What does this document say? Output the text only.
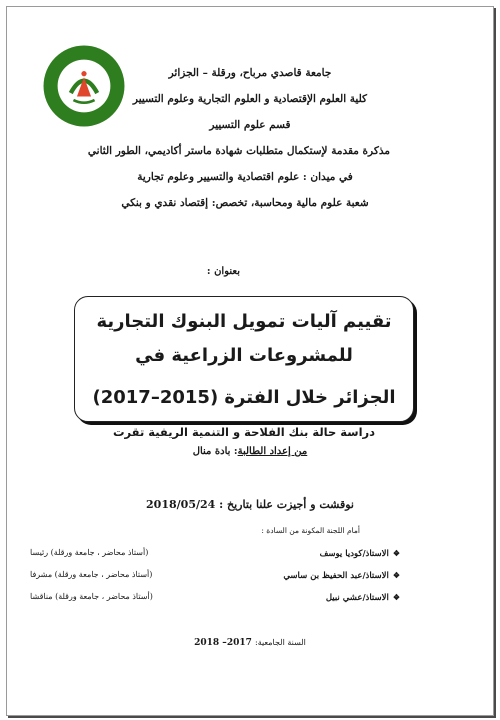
جامعة قاصدي مرباح، ورقلة – الجزائر
كلية العلوم الإقتصادية و العلوم التجارية وعلوم التسيير
قسم علوم التسيير
مذكرة مقدمة لإستكمال متطلبات شهادة ماستر أكاديمي، الطور الثاني
في ميدان : علوم اقتصادية والتسيير وعلوم تجارية
شعبة علوم مالية ومحاسبة، تخصص: إقتصاد نقدي و بنكي
بعنوان :
تقييم آليات تمويل البنوك التجارية للمشروعات الزراعية في
الجزائر خلال الفترة (2015–2017)
دراسة حالة بنك الفلاحة و التنمية الريفية تقرت
من إعداد الطالبة: بادة منال
نوقشت و أجيزت علنا بتاريخ : 2018/05/24
أمام اللجنة المكونة من السادة :
❖الاستاذ/كوديا يوسف
(أستاذ محاضر ، جامعة ورقلة) رئيسا
❖الاستاذ/عبد الحفيظ بن ساسي
(أستاذ محاضر ، جامعة ورقلة) مشرفا
❖الاستاذ/عشي نبيل
(أستاذ محاضر ، جامعة ورقلة) مناقشا
السنة الجامعية: 2017– 2018
